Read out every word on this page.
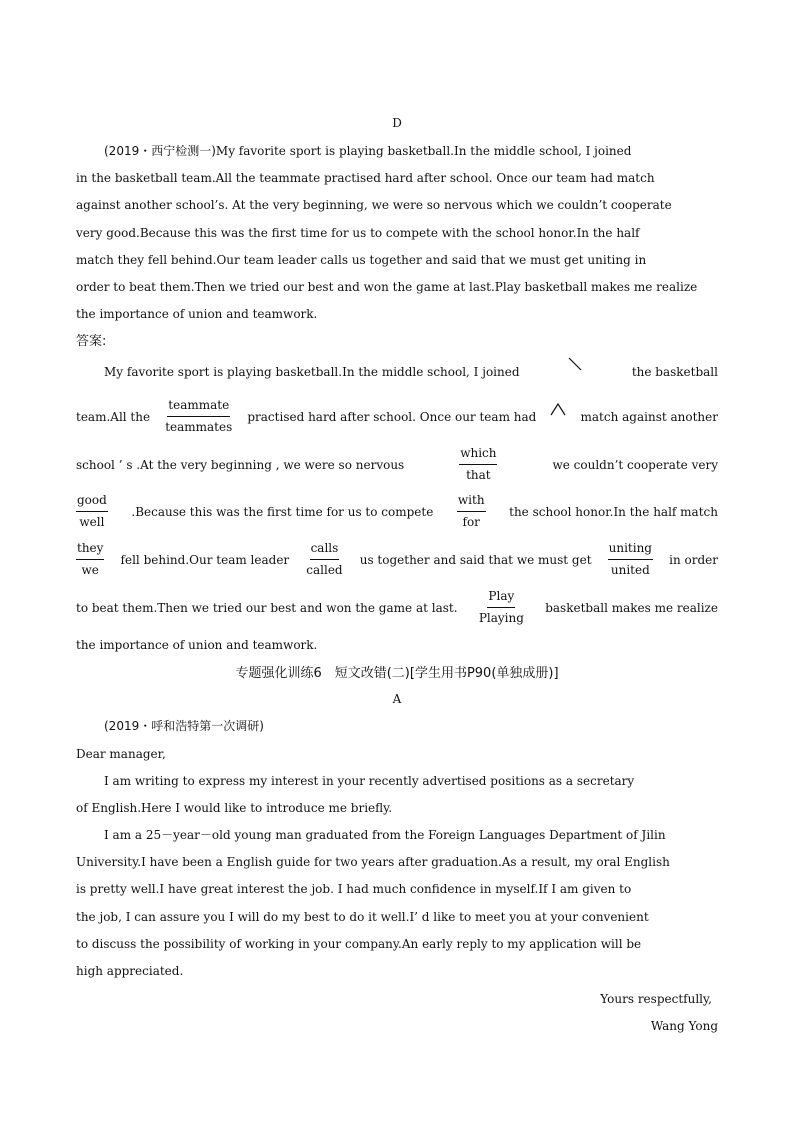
D
(2019・西宁检测一)My favorite sport is playing basketball.In the middle school, I joined
in the basketball team.All the teammate practised hard after school. Once our team had match
against another school’s. At the very beginning, we were so nervous which we couldn’t cooperate
very good.Because this was the first time for us to compete with the school honor.In the half
match they fell behind.Our team leader calls us together and said that we must get uniting in
order to beat them.Then we tried our best and won the game at last.Play basketball makes me realize
the importance of union and teamwork.
答案:
My favorite sport is playing basketball.In the middle school, I joined	the basketball
team.All the
teammate
teammates
practised hard after school. Once our team had	match against another
school ’ s .At the very beginning , we were so nervous
which
that
we couldn’t cooperate very
good
well
.Because this was the first time for us to compete
with
for
the school honor.In the half match
they
we
fell behind.Our team leader
calls
called
us together and said that we must get
uniting
united
in order
to beat them.Then we tried our best and won the game at last.
Play
Playing
basketball makes me realize
the importance of union and teamwork.
专题强化训练6　短文改错(二)[学生用书P90(单独成册)]
A
(2019・呼和浩特第一次调研)
Dear manager,
I am writing to express my interest in your recently advertised positions as a secretary
of English.Here I would like to introduce me briefly.
I am a 25－year－old young man graduated from the Foreign Languages Department of Jilin
University.I have been a English guide for two years after graduation.As a result, my oral English
is pretty well.I have great interest the job. I had much confidence in myself.If I am given to
the job, I can assure you I will do my best to do it well.I’ d like to meet you at your convenient
to discuss the possibility of working in your company.An early reply to my application will be
high appreciated.
Yours respectfully,
Wang Yong
